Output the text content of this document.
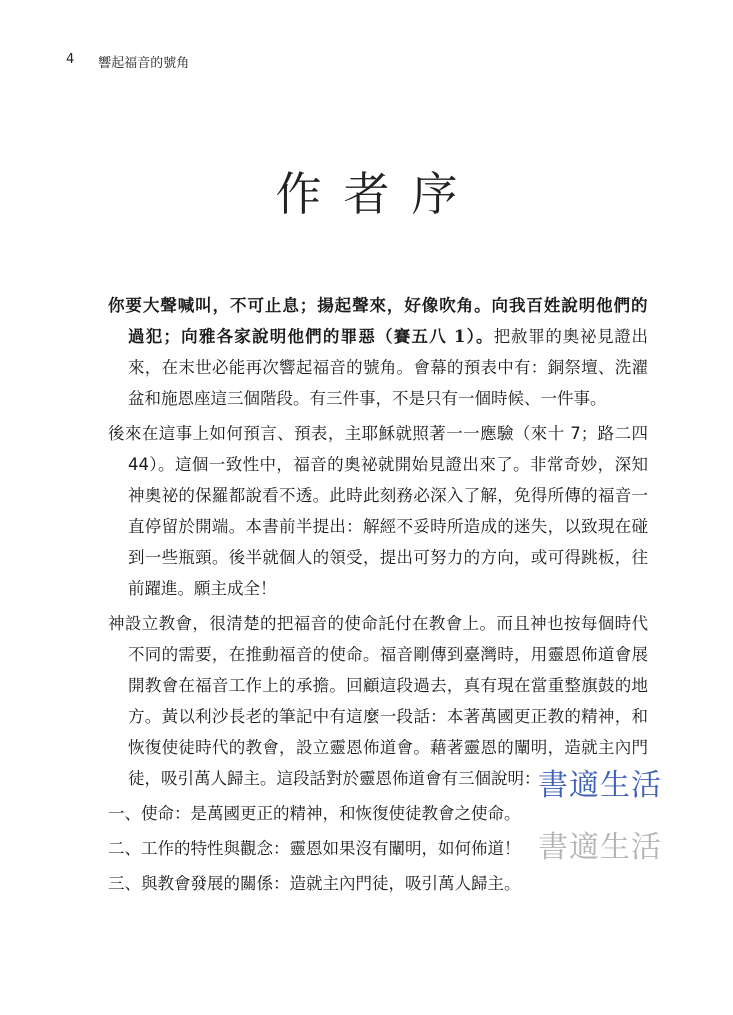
4 響起福音的號角
作者序

你要大聲喊叫，不可止息；揚起聲來，好像吹角。向我百姓說明他們的過犯；向雅各家說明他們的罪惡（賽五八 1）。把赦罪的奧祕見證出來，在末世必能再次響起福音的號角。會幕的預表中有：銅祭壇、洗濯盆和施恩座這三個階段。有三件事，不是只有一個時候、一件事。

後來在這事上如何預言、預表，主耶穌就照著一一應驗（來十 7；路二四 44）。這個一致性中，福音的奧祕就開始見證出來了。非常奇妙，深知神奧祕的保羅都說看不透。此時此刻務必深入了解，免得所傳的福音一直停留於開端。本書前半提出：解經不妥時所造成的迷失，以致現在碰到一些瓶頸。後半就個人的領受，提出可努力的方向，或可得跳板，往前躍進。願主成全！

神設立教會，很清楚的把福音的使命託付在教會上。而且神也按每個時代不同的需要，在推動福音的使命。福音剛傳到臺灣時，用靈恩佈道會展開教會在福音工作上的承擔。回顧這段過去，真有現在當重整旗鼓的地方。黃以利沙長老的筆記中有這麼一段話：本著萬國更正教的精神，和恢復使徒時代的教會，設立靈恩佈道會。藉著靈恩的闡明，造就主內門徒，吸引萬人歸主。這段話對於靈恩佈道會有三個說明：

一、使命：是萬國更正的精神，和恢復使徒教會之使命。

二、工作的特性與觀念：靈恩如果沒有闡明，如何佈道！

三、與教會發展的關係：造就主內門徒，吸引萬人歸主。

書適生活
書適生活
